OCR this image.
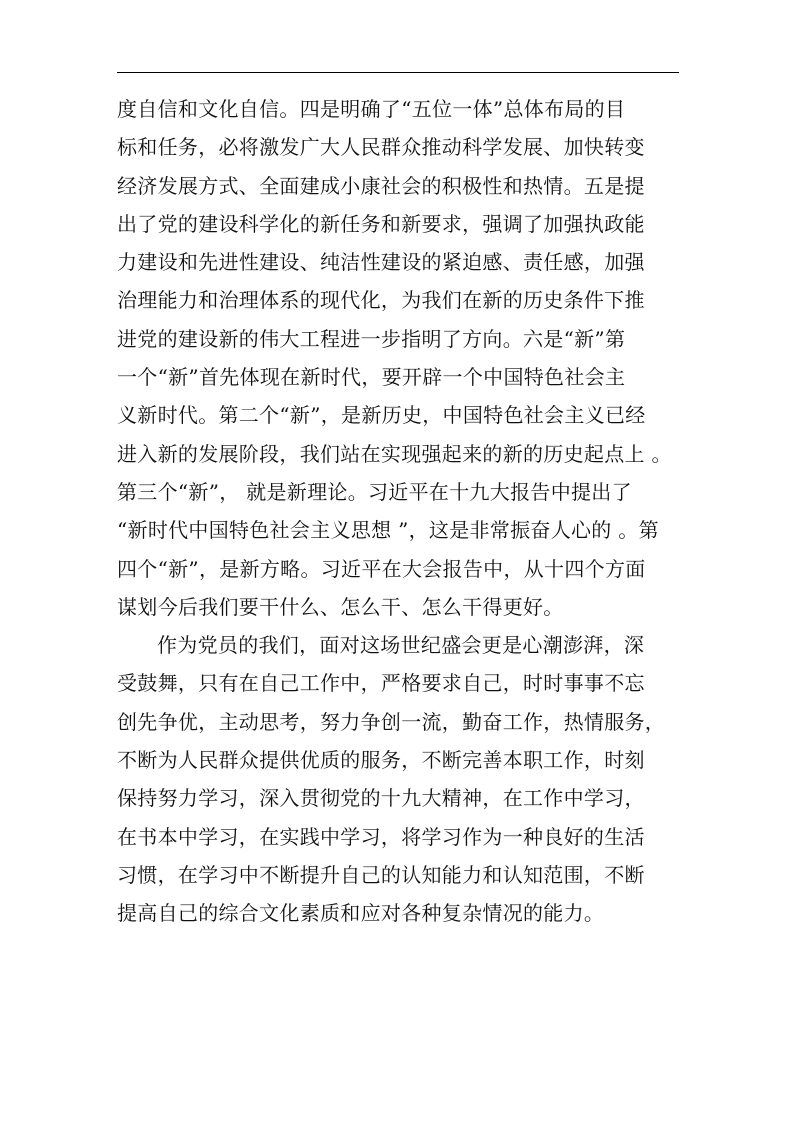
度自信和文化自信。四是明确了“五位一体”总体布局的目
标和任务，必将激发广大人民群众推动科学发展、加快转变
经济发展方式、全面建成小康社会的积极性和热情。五是提
出了党的建设科学化的新任务和新要求，强调了加强执政能
力建设和先进性建设、纯洁性建设的紧迫感、责任感，加强
治理能力和治理体系的现代化，为我们在新的历史条件下推
进党的建设新的伟大工程进一步指明了方向。六是“新”第
一个“新”首先体现在新时代，要开辟一个中国特色社会主
义新时代。第二个“新”，是新历史，中国特色社会主义已经
进入新的发展阶段，我们站在实现强起来的新的历史起点上 。
第三个“新”， 就是新理论。习近平在十九大报告中提出了
“新时代中国特色社会主义思想 ”，这是非常振奋人心的 。第
四个“新”，是新方略。习近平在大会报告中，从十四个方面
谋划今后我们要干什么、怎么干、怎么干得更好。
作为党员的我们，面对这场世纪盛会更是心潮澎湃，深
受鼓舞，只有在自己工作中，严格要求自己，时时事事不忘
创先争优，主动思考，努力争创一流，勤奋工作，热情服务，
不断为人民群众提供优质的服务，不断完善本职工作，时刻
保持努力学习，深入贯彻党的十九大精神，在工作中学习，
在书本中学习，在实践中学习，将学习作为一种良好的生活
习惯，在学习中不断提升自己的认知能力和认知范围，不断
提高自己的综合文化素质和应对各种复杂情况的能力。
